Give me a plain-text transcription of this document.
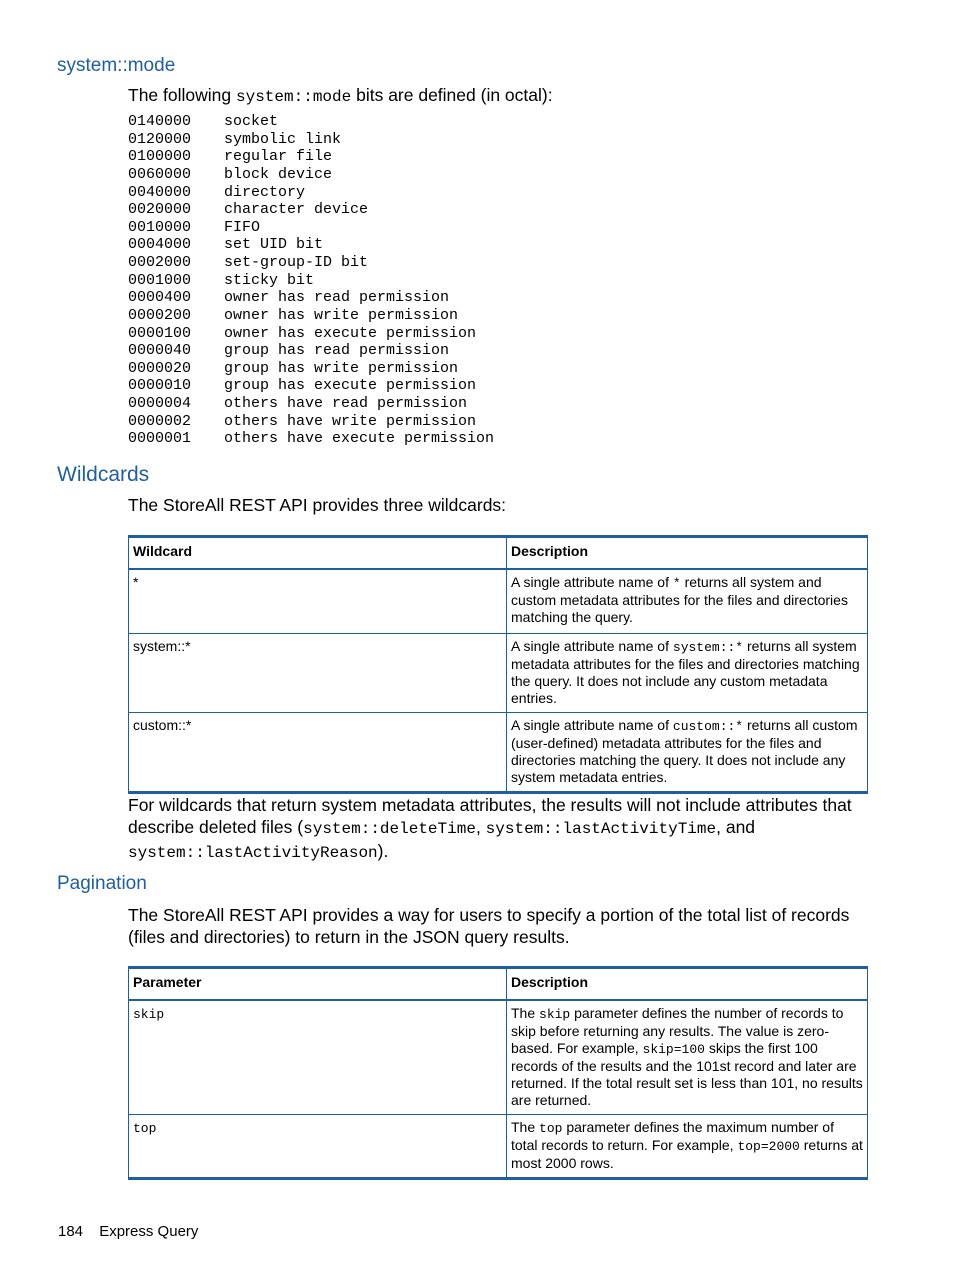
system::mode

The following system::mode bits are defined (in octal):

0140000 socket
0120000 symbolic link
0100000 regular file
0060000 block device
0040000 directory
0020000 character device
0010000 FIFO
0004000 set UID bit
0002000 set-group-ID bit
0001000 sticky bit
0000400 owner has read permission
0000200 owner has write permission
0000100 owner has execute permission
0000040 group has read permission
0000020 group has write permission
0000010 group has execute permission
0000004 others have read permission
0000002 others have write permission
0000001 others have execute permission
Wildcards

The StoreAll REST API provides three wildcards:

Wildcard	Description
*	A single attribute name of * returns all system and custom metadata attributes for the files and directories matching the query.
system::*	A single attribute name of system::* returns all system metadata attributes for the files and directories matching the query. It does not include any custom metadata entries.
custom::*	A single attribute name of custom::* returns all custom (user-defined) metadata attributes for the files and directories matching the query. It does not include any system metadata entries.

For wildcards that return system metadata attributes, the results will not include attributes that describe deleted files (system::deleteTime, system::lastActivityTime, and system::lastActivityReason).

Pagination

The StoreAll REST API provides a way for users to specify a portion of the total list of records (files and directories) to return in the JSON query results.

Parameter	Description
skip	The skip parameter defines the number of records to skip before returning any results. The value is zero-based. For example, skip=100 skips the first 100 records of the results and the 101st record and later are returned. If the total result set is less than 101, no results are returned.
top	The top parameter defines the maximum number of total records to return. For example, top=2000 returns at most 2000 rows.
184 Express Query
